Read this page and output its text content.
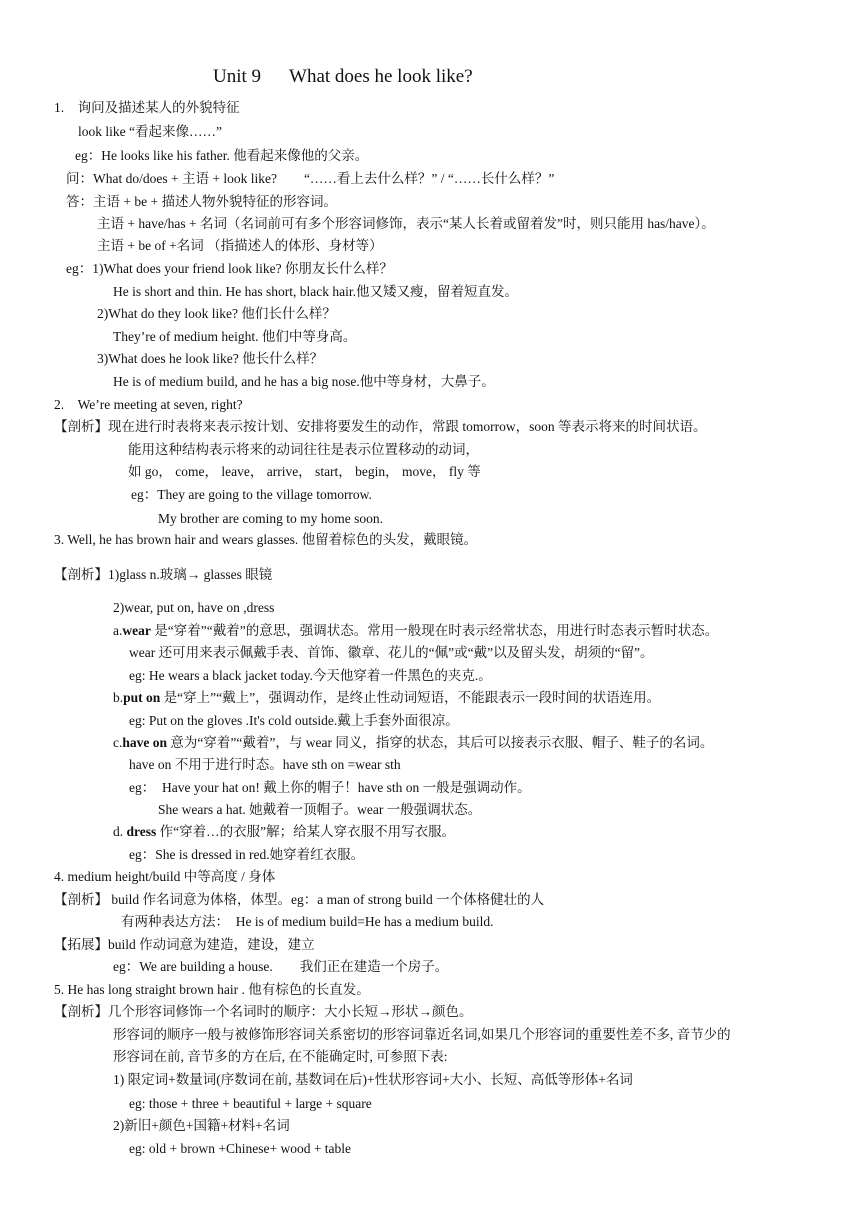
Unit 9 What does he look like?
1.　询问及描述某人的外貌特征
look like “看起来像……”
eg：He looks like his father. 他看起来像他的父亲。
问：What do/does + 主语 + look like?　　“……看上去什么样？” / “……长什么样？”
答：主语 + be + 描述人物外貌特征的形容词。
主语 + have/has + 名词（名词前可有多个形容词修饰，表示“某人长着或留着发”时，则只能用 has/have）。
主语 + be of +名词 （指描述人的体形、身材等）
eg：1)What does your friend look like? 你朋友长什么样？
He is short and thin. He has short, black hair.他又矮又瘦，留着短直发。
2)What do they look like? 他们长什么样？
They’re of medium height. 他们中等身高。
3)What does he look like? 他长什么样？
He is of medium build, and he has a big nose.他中等身材，大鼻子。
2.　We’re meeting at seven, right?
【剖析】现在进行时表将来表示按计划、安排将要发生的动作，常跟 tomorrow，soon 等表示将来的时间状语。
能用这种结构表示将来的动词往往是表示位置移动的动词，
如 go， come， leave， arrive， start， begin， move， fly 等
eg：They are going to the village tomorrow.
My brother are coming to my home soon.
3. Well, he has brown hair and wears glasses. 他留着棕色的头发，戴眼镜。
【剖析】1)glass n.玻璃→ glasses 眼镜
2)wear, put on, have on ,dress
a.wear 是“穿着”“戴着”的意思，强调状态。常用一般现在时表示经常状态，用进行时态表示暂时状态。
wear 还可用来表示佩戴手表、首饰、徽章、花儿的“佩”或“戴”以及留头发，胡须的“留”。
eg: He wears a black jacket today.今天他穿着一件黑色的夹克.。
b.put on 是“穿上”“戴上”，强调动作，是终止性动词短语，不能跟表示一段时间的状语连用。
eg: Put on the gloves .It's cold outside.戴上手套外面很凉。
c.have on 意为“穿着”“戴着”，与 wear 同义，指穿的状态，其后可以接表示衣服、帽子、鞋子的名词。
have on 不用于进行时态。have sth on =wear sth
eg：　Have your hat on! 戴上你的帽子！have sth on 一般是强调动作。
She wears a hat. 她戴着一顶帽子。wear 一般强调状态。
d. dress 作“穿着…的衣服”解；给某人穿衣服不用写衣服。
eg：She is dressed in red.她穿着红衣服。
4. medium height/build 中等高度 / 身体
【剖析】 build 作名词意为体格，体型。eg：a man of strong build 一个体格健壮的人
有两种表达方法：　He is of medium build=He has a medium build.
【拓展】build 作动词意为建造，建设，建立
eg：We are building a house.　　我们正在建造一个房子。
5. He has long straight brown hair . 他有棕色的长直发。
【剖析】几个形容词修饰一个名词时的顺序：大小长短→形状→颜色。
形容词的顺序一般与被修饰形容词关系密切的形容词靠近名词,如果几个形容词的重要性差不多, 音节少的
形容词在前, 音节多的方在后, 在不能确定时, 可参照下表:
1) 限定词+数量词(序数词在前, 基数词在后)+性状形容词+大小、长短、高低等形体+名词
eg: those + three + beautiful + large + square
2)新旧+颜色+国籍+材料+名词
eg: old + brown +Chinese+ wood + table
